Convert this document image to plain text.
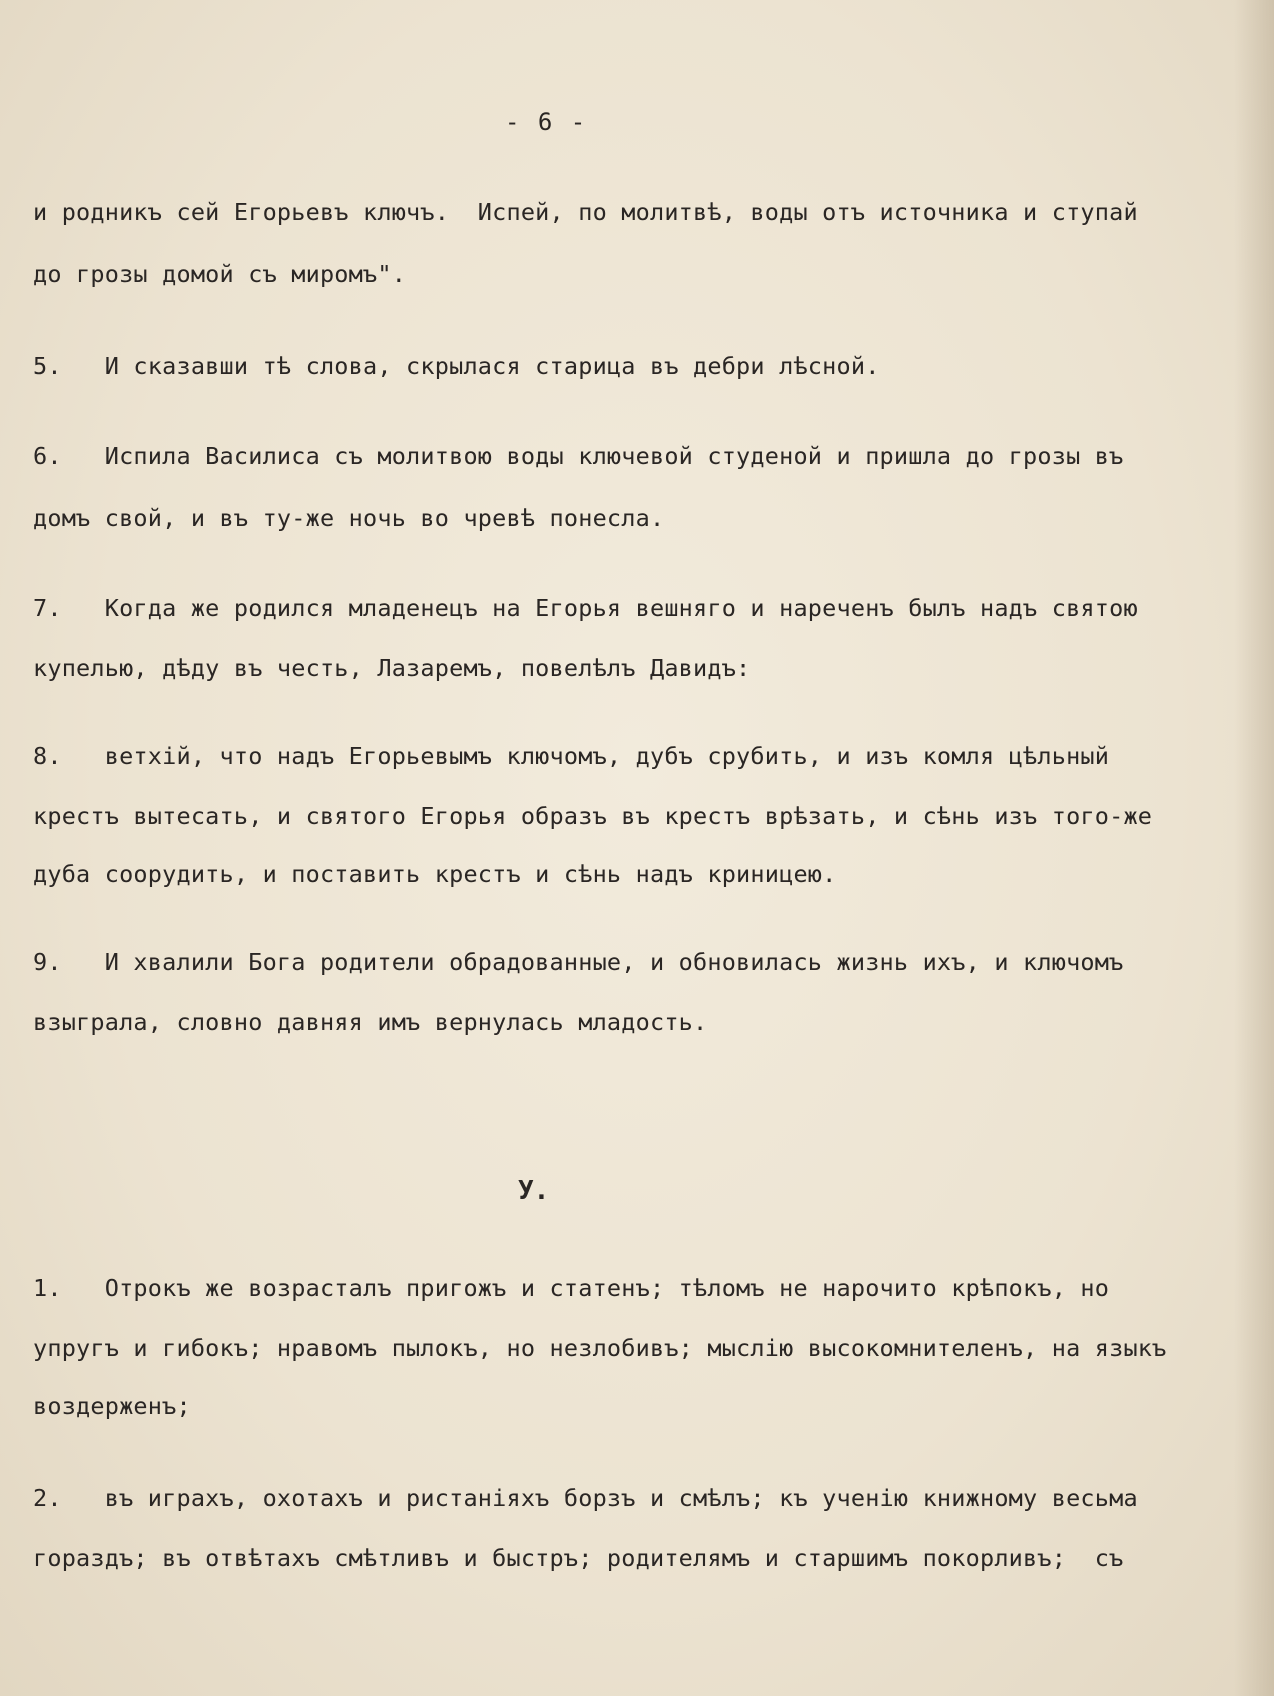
- 6 -
и родникъ сей Егорьевъ ключъ.  Испей, по молитвѣ, воды отъ источника и ступай
до грозы домой съ миромъ".
5.   И сказавши тѣ слова, скрылася старица въ дебри лѣсной.
6.   Испила Василиса съ молитвою воды ключевой студеной и пришла до грозы въ
домъ свой, и въ ту-же ночь во чревѣ понесла.
7.   Когда же родился младенецъ на Егорья вешняго и нареченъ былъ надъ святою
купелью, дѣду въ честь, Лазаремъ, повелѣлъ Давидъ:
8.   ветхiй, что надъ Егорьевымъ ключомъ, дубъ срубить, и изъ комля цѣльный
крестъ вытесать, и святого Егорья образъ въ крестъ врѣзать, и сѣнь изъ того-же
дуба соорудить, и поставить крестъ и сѣнь надъ криницею.
9.   И хвалили Бога родители обрадованные, и обновилась жизнь ихъ, и ключомъ
взыграла, словно давняя имъ вернулась младость.
У.
1.   Отрокъ же возрасталъ пригожъ и статенъ; тѣломъ не нарочито крѣпокъ, но
упругъ и гибокъ; нравомъ пылокъ, но незлобивъ; мыслiю высокомнителенъ, на языкъ
воздерженъ;
2.   въ играхъ, охотахъ и ристанiяхъ борзъ и смѣлъ; къ ученiю книжному весьма
гораздъ; въ отвѣтахъ смѣтливъ и быстръ; родителямъ и старшимъ покорливъ;  съ
